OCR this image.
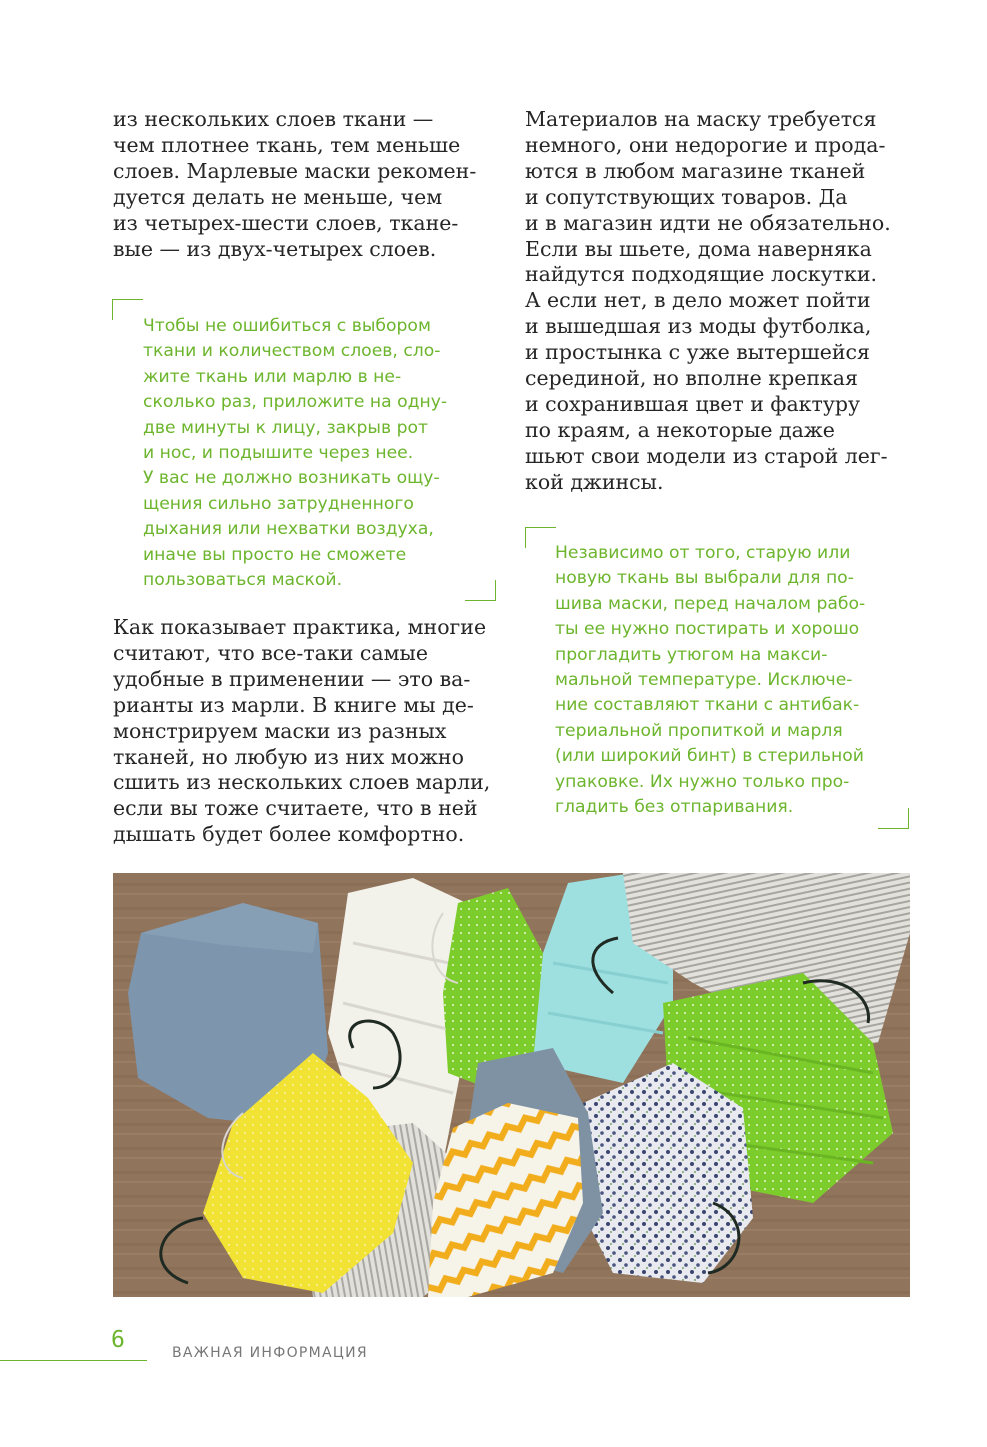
из нескольких слоев ткани —
чем плотнее ткань, тем меньше
слоев. Марлевые маски рекомен-
дуется делать не меньше, чем
из четырех-шести слоев, ткане-
вые — из двух-четырех слоев.
Чтобы не ошибиться с выбором
ткани и количеством слоев, сло-
жите ткань или марлю в не-
сколько раз, приложите на одну-
две минуты к лицу, закрыв рот
и нос, и подышите через нее.
У вас не должно возникать ощу-
щения сильно затрудненного
дыхания или нехватки воздуха,
иначе вы просто не сможете
пользоваться маской.
Как показывает практика, многие
считают, что все-таки самые
удобные в применении — это ва-
рианты из марли. В книге мы де-
монстрируем маски из разных
тканей, но любую из них можно
сшить из нескольких слоев марли,
если вы тоже считаете, что в ней
дышать будет более комфортно.
Материалов на маску требуется
немного, они недорогие и прода-
ются в любом магазине тканей
и сопутствующих товаров. Да
и в магазин идти не обязательно.
Если вы шьете, дома наверняка
найдутся подходящие лоскутки.
А если нет, в дело может пойти
и вышедшая из моды футболка,
и простынка с уже вытершейся
серединой, но вполне крепкая
и сохранившая цвет и фактуру
по краям, а некоторые даже
шьют свои модели из старой лег-
кой джинсы.
Независимо от того, старую или
новую ткань вы выбрали для по-
шива маски, перед началом рабо-
ты ее нужно постирать и хорошо
прогладить утюгом на макси-
мальной температуре. Исключе-
ние составляют ткани с антибак-
териальной пропиткой и марля
(или широкий бинт) в стерильной
упаковке. Их нужно только про-
гладить без отпаривания.
6	ВАЖНАЯ ИНФОРМАЦИЯ
